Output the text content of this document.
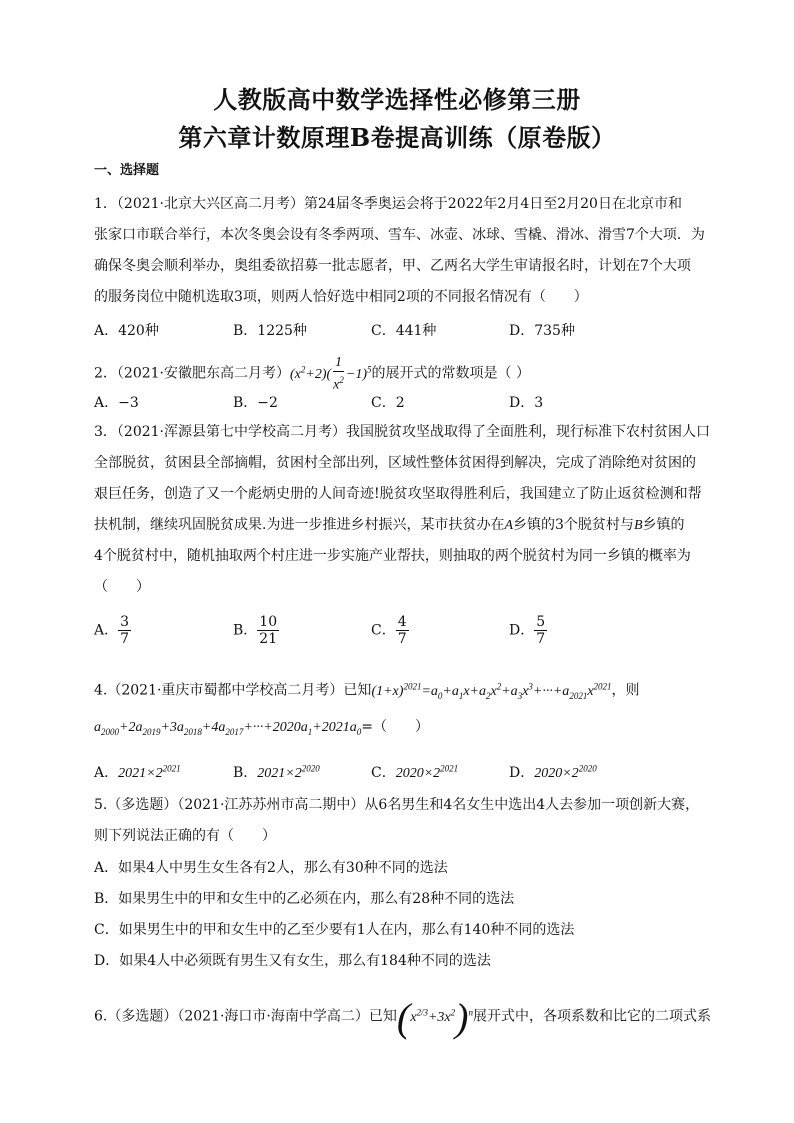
人教版高中数学选择性必修第三册
第六章计数原理B卷提高训练（原卷版）
一、选择题
1．（2021·北京大兴区高二月考）第24届冬季奥运会将于2022年2月4日至2月20日在北京市和
张家口市联合举行，本次冬奥会设有冬季两项、雪车、冰壶、冰球、雪橇、滑冰、滑雪7个大项．为
确保冬奥会顺利举办，奥组委欲招募一批志愿者，甲、乙两名大学生审请报名时，计划在7个大项
的服务岗位中随机选取3项，则两人恰好选中相同2项的不同报名情况有（　　）
A．420种	B．1225种	C．441种	D．735种
2．（2021·安徽肥东高二月考）$(x^2+2)( \frac{1}{x^2} -1)^5$的展开式的常数项是（ ）
A．−3	B．−2	C．2	D．3
3．（2021·浑源县第七中学校高二月考）我国脱贫攻坚战取得了全面胜利，现行标准下农村贫困人口
全部脱贫，贫困县全部摘帽，贫困村全部出列，区域性整体贫困得到解决，完成了消除绝对贫困的
艰巨任务，创造了又一个彪炳史册的人间奇迹!脱贫攻坚取得胜利后，我国建立了防止返贫检测和帮
扶机制，继续巩固脱贫成果.为进一步推进乡村振兴，某市扶贫办在A乡镇的3个脱贫村与B乡镇的
4个脱贫村中，随机抽取两个村庄进一步实施产业帮扶，则抽取的两个脱贫村为同一乡镇的概率为
（　　）
A． $\frac{3}{7}$	B． $\frac{10}{21}$	C． $\frac{4}{7}$	D． $\frac{5}{7}$
4.（2021·重庆市蜀都中学校高二月考）已知$(1+x)^{2021}=a_0+a_1x+a_2x^2+a_3x^3+\cdot\cdot\cdot+a_{2021}x^{2021}$，则
$a_{2000}+2a_{2019}+3a_{2018}+4a_{2017}+\cdot\cdot\cdot+2020a_1+2021a_0=$（　　）
A．$2021\times 2^{2021}$	B．$2021\times 2^{2020}$	C．$2020\times 2^{2021}$	D．$2020\times 2^{2020}$
5.（多选题）（2021·江苏苏州市高二期中）从6名男生和4名女生中选出4人去参加一项创新大赛，
则下列说法正确的有（　　）
A．如果4人中男生女生各有2人，那么有30种不同的选法
B．如果男生中的甲和女生中的乙必须在内，那么有28种不同的选法
C．如果男生中的甲和女生中的乙至少要有1人在内，那么有140种不同的选法
D．如果4人中必须既有男生又有女生，那么有184种不同的选法
6.（多选题）（2021·海口市·海南中学高二）已知$(x^{2/3}+3x^2)^n$展开式中，各项系数和比它的二项式系
